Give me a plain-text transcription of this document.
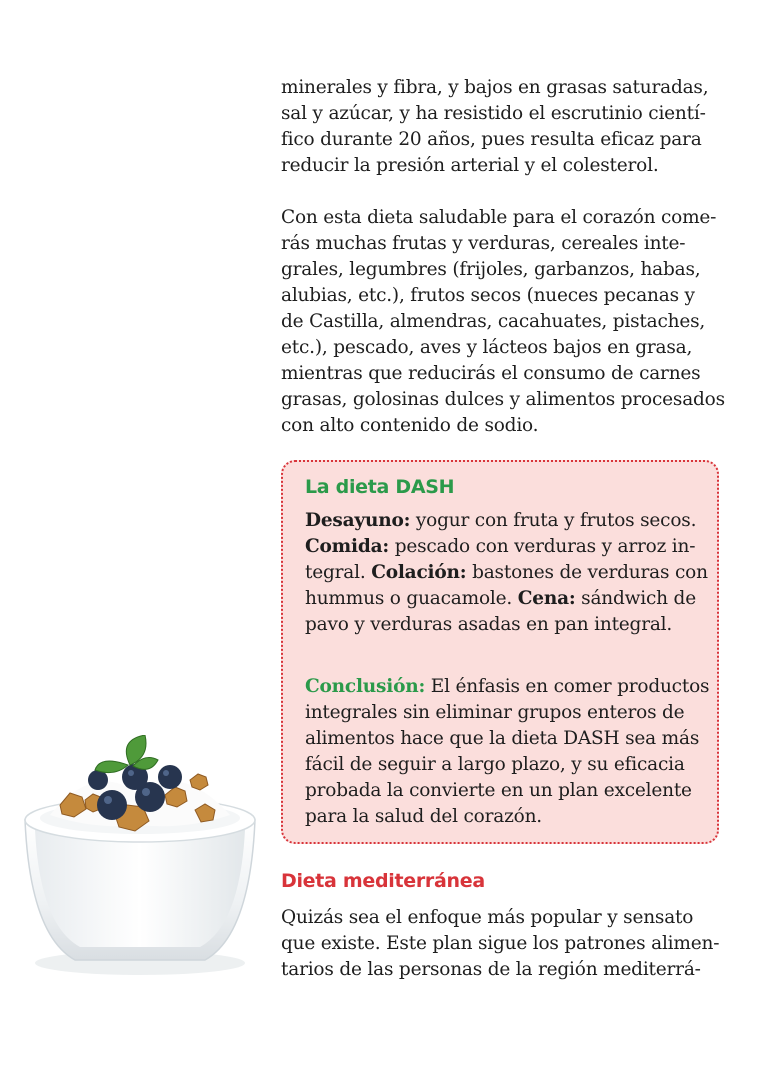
minerales y fibra, y bajos en grasas saturadas,
sal y azúcar, y ha resistido el escrutinio cientí-
fico durante 20 años, pues resulta eficaz para
reducir la presión arterial y el colesterol.
Con esta dieta saludable para el corazón come-
rás muchas frutas y verduras, cereales inte-
grales, legumbres (frijoles, garbanzos, habas,
alubias, etc.), frutos secos (nueces pecanas y
de Castilla, almendras, cacahuates, pistaches,
etc.), pescado, aves y lácteos bajos en grasa,
mientras que reducirás el consumo de carnes
grasas, golosinas dulces y alimentos procesados
con alto contenido de sodio.
La dieta DASH
Desayuno: yogur con fruta y frutos secos.
Comida: pescado con verduras y arroz in-
tegral. Colación: bastones de verduras con
hummus o guacamole. Cena: sándwich de
pavo y verduras asadas en pan integral.
Conclusión: El énfasis en comer productos
integrales sin eliminar grupos enteros de
alimentos hace que la dieta DASH sea más
fácil de seguir a largo plazo, y su eficacia
probada la convierte en un plan excelente
para la salud del corazón.
Dieta mediterránea
Quizás sea el enfoque más popular y sensato
que existe. Este plan sigue los patrones alimen-
tarios de las personas de la región mediterrá-
